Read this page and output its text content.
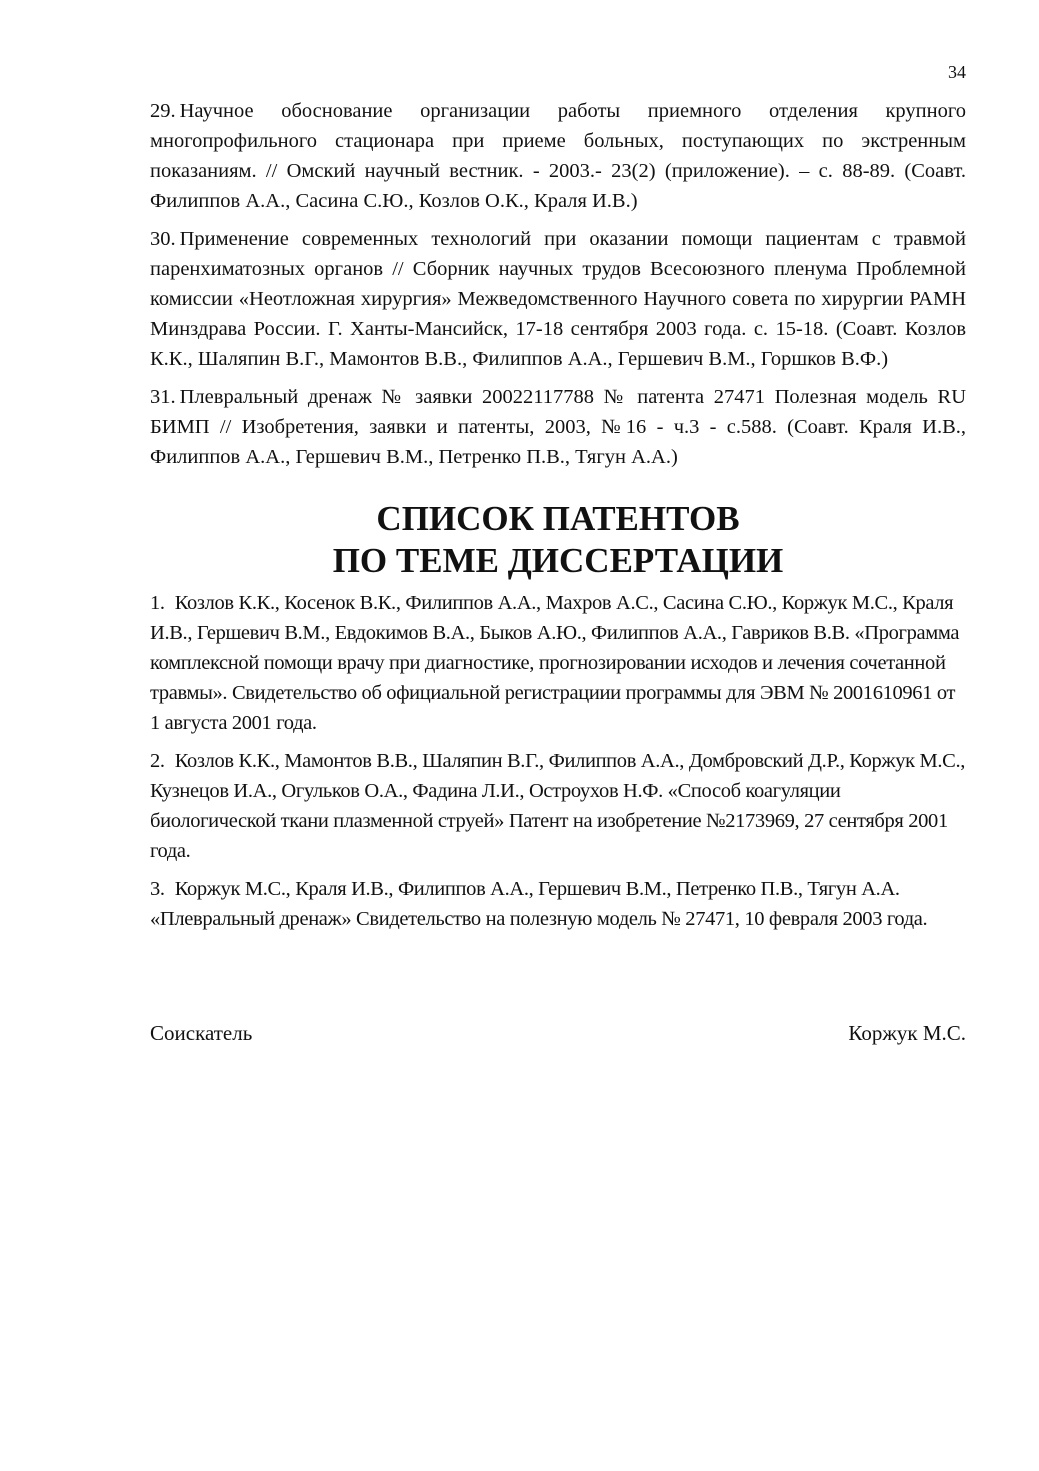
34

29. Научное обоснование организации работы приемного отделения крупного многопрофильного стационара при приеме больных, поступающих по экстренным показаниям. // Омский научный вестник. - 2003.- 23(2) (приложение). – с. 88-89. (Соавт. Филиппов А.А., Сасина С.Ю., Козлов О.К., Краля И.В.)

30. Применение современных технологий при оказании помощи пациентам с травмой паренхиматозных органов // Сборник научных трудов Всесоюзного пленума Проблемной комиссии «Неотложная хирургия» Межведомственного Научного совета по хирургии РАМН Минздрава России. Г. Ханты-Мансийск, 17-18 сентября 2003 года. с. 15-18. (Соавт. Козлов К.К., Шаляпин В.Г., Мамонтов В.В., Филиппов А.А., Гершевич В.М., Горшков В.Ф.)

31. Плевральный дренаж № заявки 20022117788 № патента 27471 Полезная модель RU БИМП // Изобретения, заявки и патенты, 2003, №16 - ч.3 - с.588. (Соавт. Краля И.В., Филиппов А.А., Гершевич В.М., Петренко П.В., Тягун А.А.)

СПИСОК ПАТЕНТОВ
ПО ТЕМЕ ДИССЕРТАЦИИ

1. Козлов К.К., Косенок В.К., Филиппов А.А., Махров А.С., Сасина С.Ю., Коржук М.С., Краля И.В., Гершевич В.М., Евдокимов В.А., Быков А.Ю., Филиппов А.А., Гавриков В.В. «Программа комплексной помощи врачу при диагностике, прогнозировании исходов и лечения сочетанной травмы». Свидетельство об официальной регистрациии программы для ЭВМ № 2001610961 от 1 августа 2001 года.

2. Козлов К.К., Мамонтов В.В., Шаляпин В.Г., Филиппов А.А., Домбровский Д.Р., Коржук М.С., Кузнецов И.А., Огульков О.А., Фадина Л.И., Остроухов Н.Ф. «Способ коагуляции биологической ткани плазменной струей» Патент на изобретение №2173969, 27 сентября 2001 года.

3. Коржук М.С., Краля И.В., Филиппов А.А., Гершевич В.М., Петренко П.В., Тягун А.А. «Плевральный дренаж» Свидетельство на полезную модель № 27471, 10 февраля 2003 года.

Соискатель	Коржук М.С.
